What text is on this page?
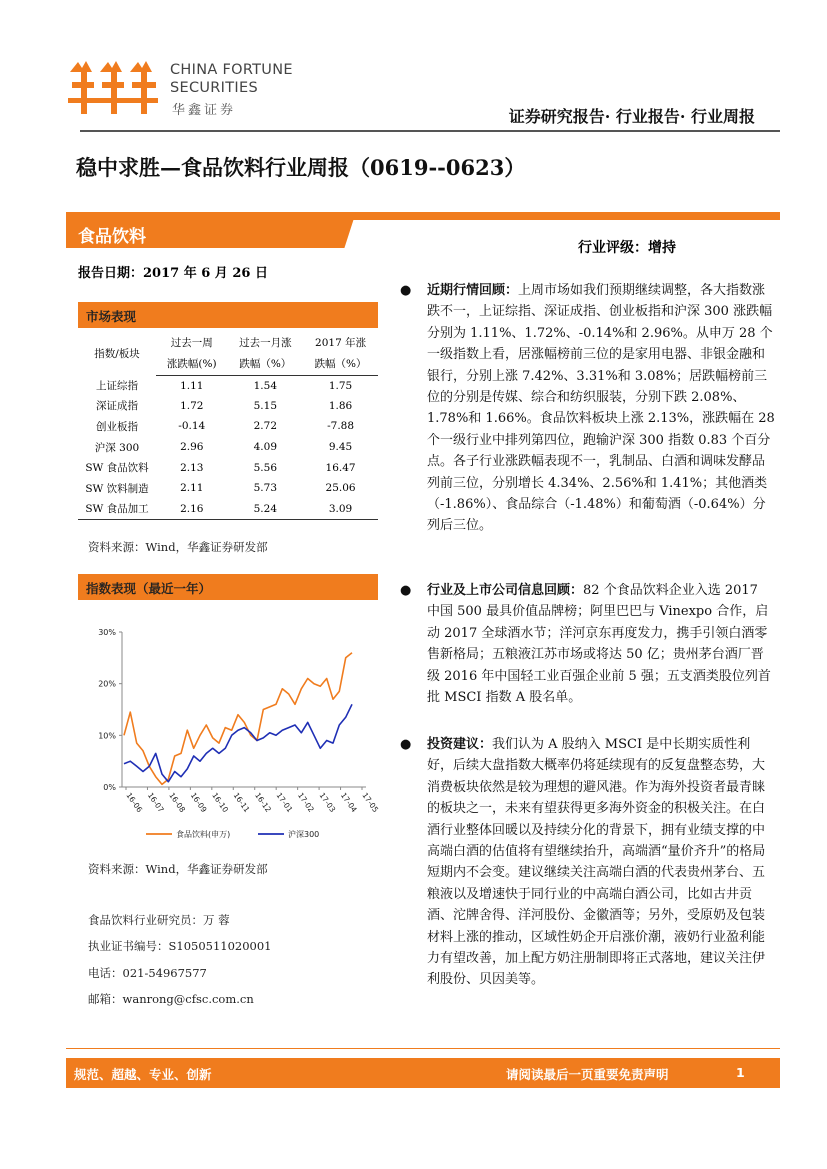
CHINA FORTUNE
SECURITIES
华鑫证券	证券研究报告· 行业报告· 行业周报
稳中求胜—食品饮料行业周报（0619--0623）
食品饮料
行业评级：增持
报告日期：2017 年 6 月 26 日
市场表现
指数/板块	过去一周	过去一月涨	2017 年涨
	涨跌幅(%)	跌幅（%）	跌幅（%）
上证综指	1.11	1.54	1.75
深证成指	1.72	5.15	1.86
创业板指	-0.14	2.72	-7.88
沪深 300	2.96	4.09	9.45
SW 食品饮料	2.13	5.56	16.47
SW 饮料制造	2.11	5.73	25.06
SW 食品加工	2.16	5.24	3.09
资料来源：Wind，华鑫证券研发部
指数表现（最近一年）
0%
10%
20%
30%
16-06 16-07 16-08 16-09 16-10 16-11 16-12 17-01 17-02 17-03 17-04 17-05
食品饮料(申万)	沪深300
资料来源：Wind，华鑫证券研发部
食品饮料行业研究员：万 蓉
执业证书编号：S1050511020001
电话：021-54967577
邮箱：wanrong@cfsc.com.cn
●	近期行情回顾：上周市场如我们预期继续调整，各大指数涨跌不一，上证综指、深证成指、创业板指和沪深 300 涨跌幅分别为 1.11%、1.72%、-0.14%和 2.96%。从申万 28 个一级指数上看，居涨幅榜前三位的是家用电器、非银金融和银行，分别上涨 7.42%、3.31%和 3.08%；居跌幅榜前三位的分别是传媒、综合和纺织服装，分别下跌 2.08%、1.78%和 1.66%。食品饮料板块上涨 2.13%，涨跌幅在 28 个一级行业中排列第四位，跑输沪深 300 指数 0.83 个百分点。各子行业涨跌幅表现不一，乳制品、白酒和调味发酵品列前三位，分别增长 4.34%、2.56%和 1.41%；其他酒类（-1.86%）、食品综合（-1.48%）和葡萄酒（-0.64%）分列后三位。
●	行业及上市公司信息回顾：82 个食品饮料企业入选 2017 中国 500 最具价值品牌榜；阿里巴巴与 Vinexpo 合作，启动 2017 全球酒水节；洋河京东再度发力，携手引领白酒零售新格局；五粮液江苏市场或将达 50 亿；贵州茅台酒厂晋级 2016 年中国轻工业百强企业前 5 强；五支酒类股位列首批 MSCI 指数 A 股名单。
●	投资建议：我们认为 A 股纳入 MSCI 是中长期实质性利好，后续大盘指数大概率仍将延续现有的反复盘整态势，大消费板块依然是较为理想的避风港。作为海外投资者最青睐的板块之一，未来有望获得更多海外资金的积极关注。在白酒行业整体回暖以及持续分化的背景下，拥有业绩支撑的中高端白酒的估值将有望继续抬升，高端酒“量价齐升”的格局短期内不会变。建议继续关注高端白酒的代表贵州茅台、五粮液以及增速快于同行业的中高端白酒公司，比如古井贡酒、沱牌舍得、洋河股份、金徽酒等；另外，受原奶及包装材料上涨的推动，区域性奶企开启涨价潮，液奶行业盈利能力有望改善，加上配方奶注册制即将正式落地，建议关注伊利股份、贝因美等。
规范、超越、专业、创新	请阅读最后一页重要免责声明	1
